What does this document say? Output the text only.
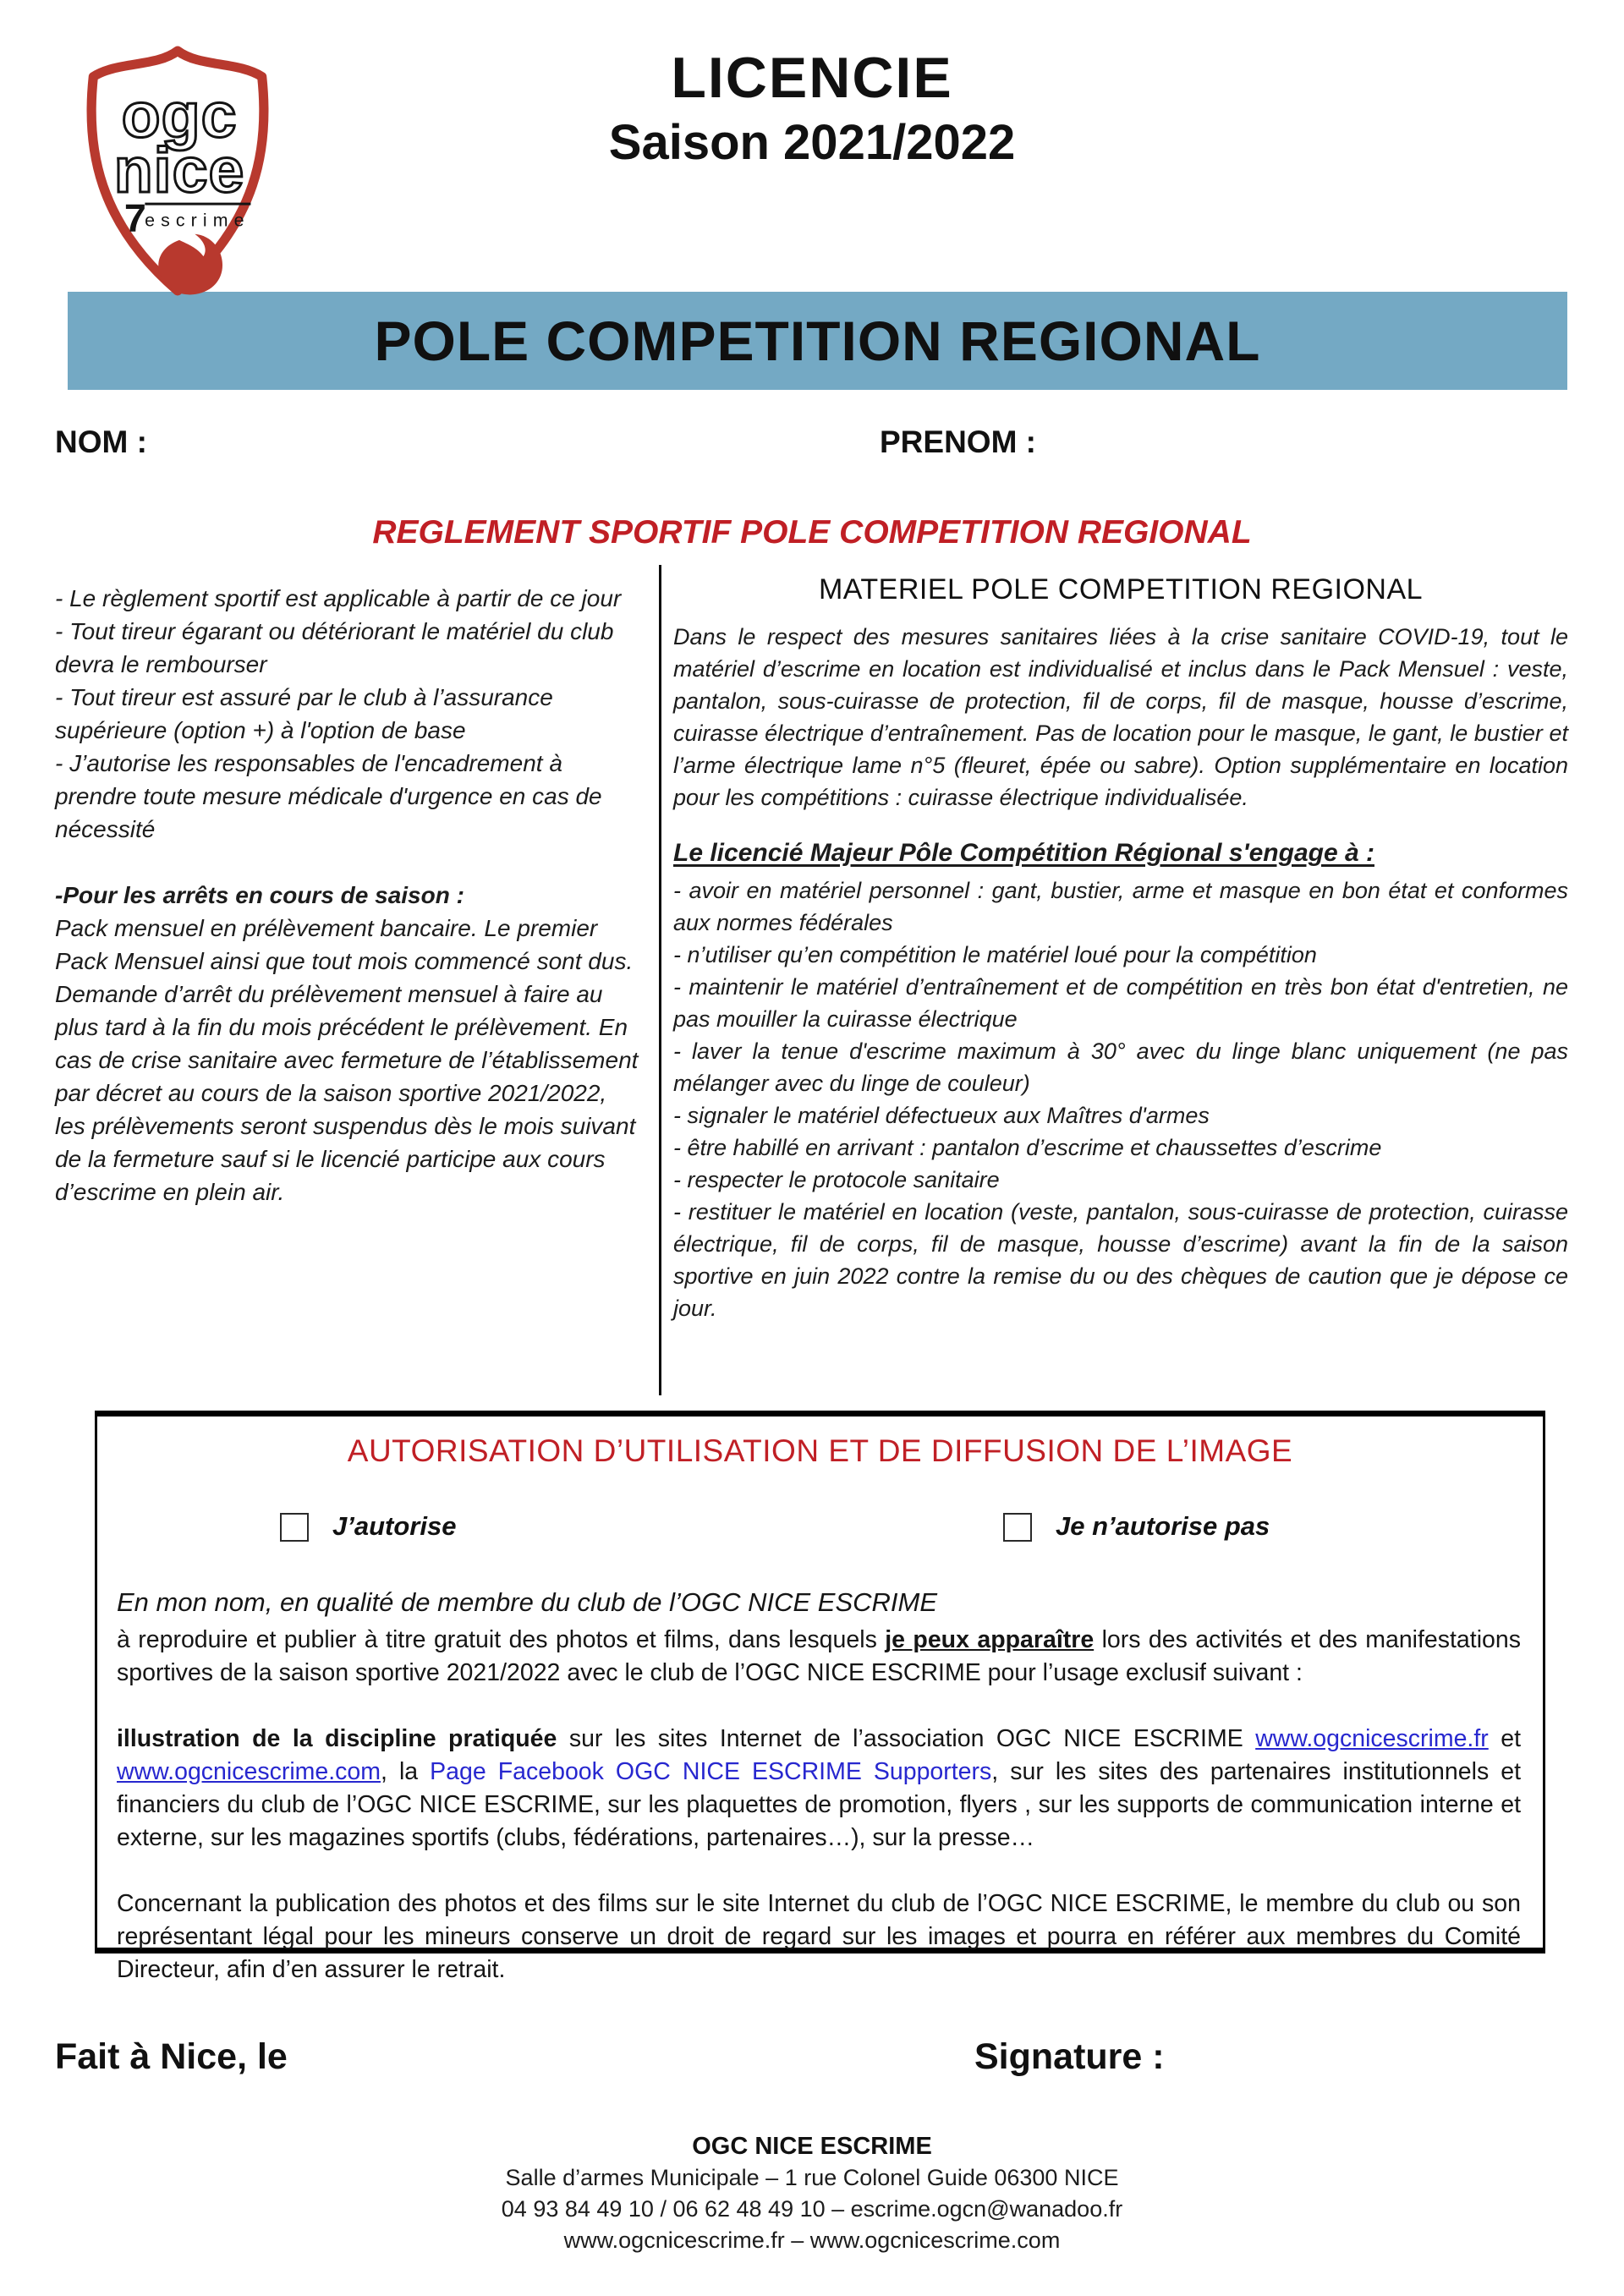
ogc
nice
7
escrime
LICENCIE
Saison 2021/2022
POLE COMPETITION REGIONAL
NOM :	PRENOM :
REGLEMENT SPORTIF POLE COMPETITION REGIONAL
- Le règlement sportif est applicable à partir de ce jour
- Tout tireur égarant ou détériorant le matériel du club devra le rembourser
- Tout tireur est assuré par le club à l’assurance supérieure (option +) à l'option de base
- J’autorise les responsables de l'encadrement à prendre toute mesure médicale d'urgence en cas de nécessité
-Pour les arrêts en cours de saison :
Pack mensuel en prélèvement bancaire. Le premier Pack Mensuel ainsi que tout mois commencé sont dus. Demande d’arrêt du prélèvement mensuel à faire au plus tard à la fin du mois précédent le prélèvement. En cas de crise sanitaire avec fermeture de l’établissement par décret au cours de la saison sportive 2021/2022, les prélèvements seront suspendus dès le mois suivant de la fermeture sauf si le licencié participe aux cours d’escrime en plein air.
MATERIEL POLE COMPETITION REGIONAL

Dans le respect des mesures sanitaires liées à la crise sanitaire COVID-19, tout le matériel d’escrime en location est individualisé et inclus dans le Pack Mensuel : veste, pantalon, sous-cuirasse de protection, fil de corps, fil de masque, housse d’escrime, cuirasse électrique d’entraînement. Pas de location pour le masque, le gant, le bustier et l’arme électrique lame n°5 (fleuret, épée ou sabre). Option supplémentaire en location pour les compétitions : cuirasse électrique individualisée.

Le licencié Majeur Pôle Compétition Régional s'engage à :

- avoir en matériel personnel : gant, bustier, arme et masque en bon état et conformes aux normes fédérales

- n’utiliser qu’en compétition le matériel loué pour la compétition

- maintenir le matériel d’entraînement et de compétition en très bon état d'entretien, ne pas mouiller la cuirasse électrique

- laver la tenue d'escrime maximum à 30° avec du linge blanc uniquement (ne pas mélanger avec du linge de couleur)

- signaler le matériel défectueux aux Maîtres d'armes

- être habillé en arrivant : pantalon d’escrime et chaussettes d’escrime

- respecter le protocole sanitaire

- restituer le matériel en location (veste, pantalon, sous-cuirasse de protection, cuirasse électrique, fil de corps, fil de masque, housse d’escrime) avant la fin de la saison sportive en juin 2022 contre la remise du ou des chèques de caution que je dépose ce jour.

AUTORISATION D’UTILISATION ET DE DIFFUSION DE L’IMAGE
J’autorise	Je n’autorise pas

En mon nom, en qualité de membre du club de l’OGC NICE ESCRIME

à reproduire et publier à titre gratuit des photos et films, dans lesquels je peux apparaître lors des activités et des manifestations sportives de la saison sportive 2021/2022 avec le club de l’OGC NICE ESCRIME pour l’usage exclusif suivant :

illustration de la discipline pratiquée sur les sites Internet de l’association OGC NICE ESCRIME www.ogcnicescrime.fr et www.ogcnicescrime.com, la Page Facebook OGC NICE ESCRIME Supporters, sur les sites des partenaires institutionnels et financiers du club de l’OGC NICE ESCRIME, sur les plaquettes de promotion, flyers , sur les supports de communication interne et externe, sur les magazines sportifs (clubs, fédérations, partenaires…), sur la presse…

Concernant la publication des photos et des films sur le site Internet du club de l’OGC NICE ESCRIME, le membre du club ou son représentant légal pour les mineurs conserve un droit de regard sur les images et pourra en référer aux membres du Comité Directeur, afin d’en assurer le retrait.

Fait à Nice, le	Signature :
OGC NICE ESCRIME
Salle d’armes Municipale – 1 rue Colonel Guide 06300 NICE
04 93 84 49 10 / 06 62 48 49 10 – escrime.ogcn@wanadoo.fr
www.ogcnicescrime.fr – www.ogcnicescrime.com
